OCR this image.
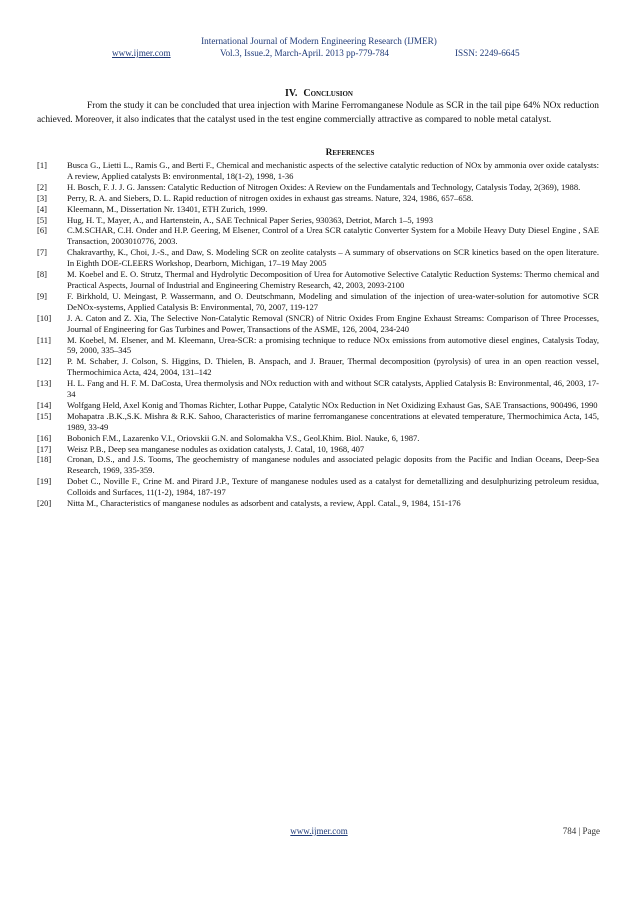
International Journal of Modern Engineering Research (IJMER)
www.ijmer.com	Vol.3, Issue.2, March-April. 2013 pp-779-784	ISSN: 2249-6645
IV. Conclusion

From the study it can be concluded that urea injection with Marine Ferromanganese Nodule as SCR in the tail pipe 64% NOx reduction achieved. Moreover, it also indicates that the catalyst used in the test engine commercially attractive as compared to noble metal catalyst.

References
[1] Busca G., Lietti L., Ramis G., and Berti F., Chemical and mechanistic aspects of the selective catalytic reduction of NOx by ammonia over oxide catalysts: A review, Applied catalysts B: environmental, 18(1-2), 1998, 1-36
[2] H. Bosch, F. J. J. G. Janssen: Catalytic Reduction of Nitrogen Oxides: A Review on the Fundamentals and Technology, Catalysis Today, 2(369), 1988.
[3] Perry, R. A. and Siebers, D. L. Rapid reduction of nitrogen oxides in exhaust gas streams. Nature, 324, 1986, 657–658.
[4] Kleemann, M., Dissertation Nr. 13401, ETH Zurich, 1999.
[5] Hug, H. T., Mayer, A., and Hartenstein, A., SAE Technical Paper Series, 930363, Detriot, March 1–5, 1993
[6] C.M.SCHAR, C.H. Onder and H.P. Geering, M Elsener, Control of a Urea SCR catalytic Converter System for a Mobile Heavy Duty Diesel Engine , SAE Transaction, 2003010776, 2003.
[7] Chakravarthy, K., Choi, J.-S., and Daw, S. Modeling SCR on zeolite catalysts – A summary of observations on SCR kinetics based on the open literature. In Eighth DOE-CLEERS Workshop, Dearborn, Michigan, 17–19 May 2005
[8] M. Koebel and E. O. Strutz, Thermal and Hydrolytic Decomposition of Urea for Automotive Selective Catalytic Reduction Systems: Thermo chemical and Practical Aspects, Journal of Industrial and Engineering Chemistry Research, 42, 2003, 2093-2100
[9] F. Birkhold, U. Meingast, P. Wassermann, and O. Deutschmann, Modeling and simulation of the injection of urea-water-solution for automotive SCR DeNOx-systems, Applied Catalysis B: Environmental, 70, 2007, 119-127
[10] J. A. Caton and Z. Xia, The Selective Non-Catalytic Removal (SNCR) of Nitric Oxides From Engine Exhaust Streams: Comparison of Three Processes, Journal of Engineering for Gas Turbines and Power, Transactions of the ASME, 126, 2004, 234-240
[11] M. Koebel, M. Elsener, and M. Kleemann, Urea-SCR: a promising technique to reduce NOx emissions from automotive diesel engines, Catalysis Today, 59, 2000, 335–345
[12] P. M. Schaber, J. Colson, S. Higgins, D. Thielen, B. Anspach, and J. Brauer, Thermal decomposition (pyrolysis) of urea in an open reaction vessel, Thermochimica Acta, 424, 2004, 131–142
[13] H. L. Fang and H. F. M. DaCosta, Urea thermolysis and NOx reduction with and without SCR catalysts, Applied Catalysis B: Environmental, 46, 2003, 17-34
[14] Wolfgang Held, Axel Konig and Thomas Richter, Lothar Puppe, Catalytic NOx Reduction in Net Oxidizing Exhaust Gas, SAE Transactions, 900496, 1990
[15] Mohapatra .B.K.,S.K. Mishra & R.K. Sahoo, Characteristics of marine ferromanganese concentrations at elevated temperature, Thermochimica Acta, 145, 1989, 33-49
[16] Bobonich F.M., Lazarenko V.I., Oriovskii G.N. and Solomakha V.S., Geol.Khim. Biol. Nauke, 6, 1987.
[17] Weisz P.B., Deep sea manganese nodules as oxidation catalysts, J. Catal, 10, 1968, 407
[18] Cronan, D.S., and J.S. Tooms, The geochemistry of manganese nodules and associated pelagic doposits from the Pacific and Indian Oceans, Deep-Sea Research, 1969, 335-359.
[19] Dobet C., Noville F., Crine M. and Pirard J.P., Texture of manganese nodules used as a catalyst for demetallizing and desulphurizing petroleum residua, Colloids and Surfaces, 11(1-2), 1984, 187-197
[20] Nitta M., Characteristics of manganese nodules as adsorbent and catalysts, a review, Appl. Catal., 9, 1984, 151-176
www.ijmer.com	784 | Page
